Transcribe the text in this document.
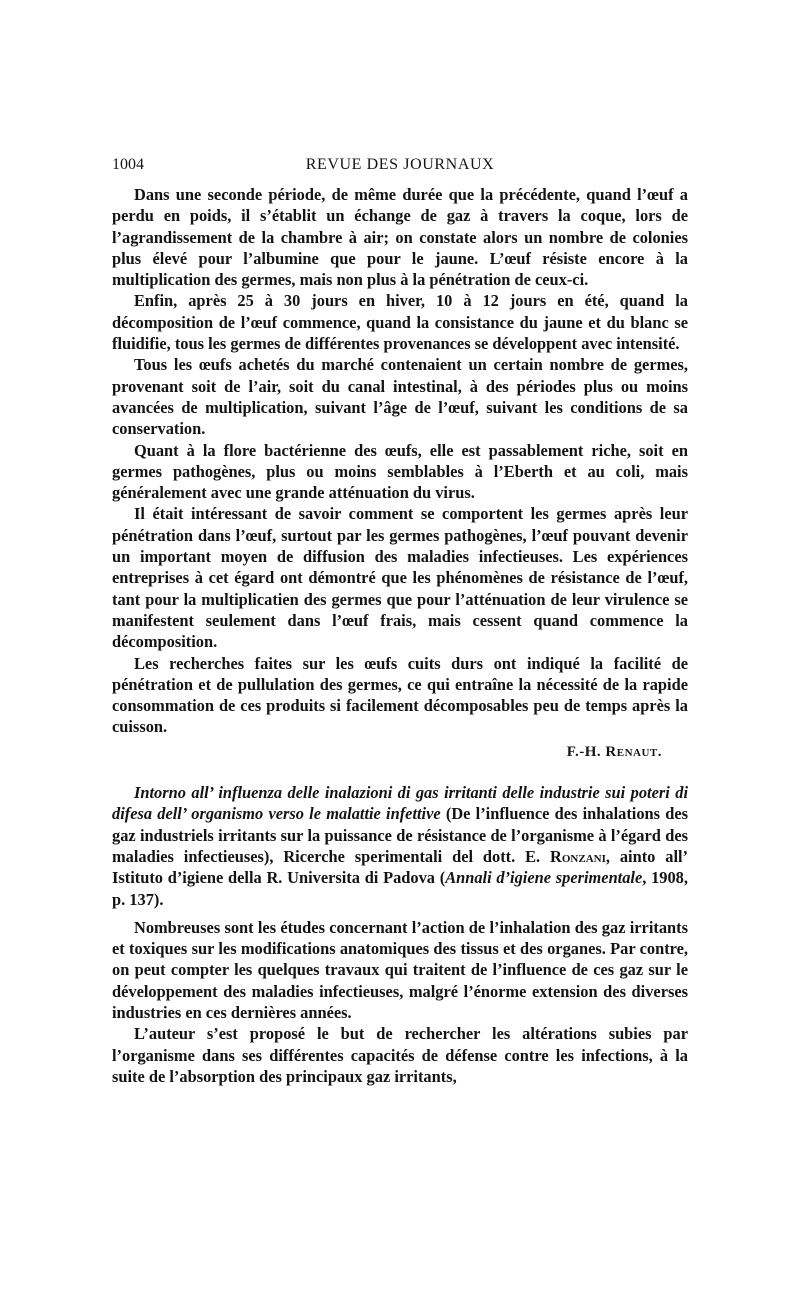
1004	REVUE DES JOURNAUX

Dans une seconde période, de même durée que la précédente, quand l’œuf a perdu en poids, il s’établit un échange de gaz à travers la coque, lors de l’agrandissement de la chambre à air; on constate alors un nombre de colonies plus élevé pour l’albumine que pour le jaune. L’œuf résiste encore à la multiplication des germes, mais non plus à la pénétration de ceux-ci.

Enfin, après 25 à 30 jours en hiver, 10 à 12 jours en été, quand la décomposition de l’œuf commence, quand la consistance du jaune et du blanc se fluidifie, tous les germes de différentes provenances se développent avec intensité.

Tous les œufs achetés du marché contenaient un certain nombre de germes, provenant soit de l’air, soit du canal intestinal, à des périodes plus ou moins avancées de multiplication, suivant l’âge de l’œuf, suivant les conditions de sa conservation.

Quant à la flore bactérienne des œufs, elle est passablement riche, soit en germes pathogènes, plus ou moins semblables à l’Eberth et au coli, mais généralement avec une grande atténuation du virus.

Il était intéressant de savoir comment se comportent les germes après leur pénétration dans l’œuf, surtout par les germes pathogènes, l’œuf pouvant devenir un important moyen de diffusion des maladies infectieuses. Les expériences entreprises à cet égard ont démontré que les phénomènes de résistance de l’œuf, tant pour la multiplicatien des germes que pour l’atténuation de leur virulence se manifestent seulement dans l’œuf frais, mais cessent quand commence la décomposition.

Les recherches faites sur les œufs cuits durs ont indiqué la facilité de pénétration et de pullulation des germes, ce qui entraîne la nécessité de la rapide consommation de ces produits si facilement décomposables peu de temps après la cuisson.

F.-H. Renaut.

Intorno all’ influenza delle inalazioni di gas irritanti delle industrie sui poteri di difesa dell’ organismo verso le malattie infettive (De l’influence des inhalations des gaz industriels irritants sur la puissance de résistance de l’organisme à l’égard des maladies infectieuses), Ricerche sperimentali del dott. E. Ronzani, ainto all’ Istituto d’igiene della R. Universita di Padova (Annali d’igiene sperimentale, 1908, p. 137).

Nombreuses sont les études concernant l’action de l’inhalation des gaz irritants et toxiques sur les modifications anatomiques des tissus et des organes. Par contre, on peut compter les quelques travaux qui traitent de l’influence de ces gaz sur le développement des maladies infectieuses, malgré l’énorme extension des diverses industries en ces dernières années.

L’auteur s’est proposé le but de rechercher les altérations subies par l’organisme dans ses différentes capacités de défense contre les infections, à la suite de l’absorption des principaux gaz irritants,
